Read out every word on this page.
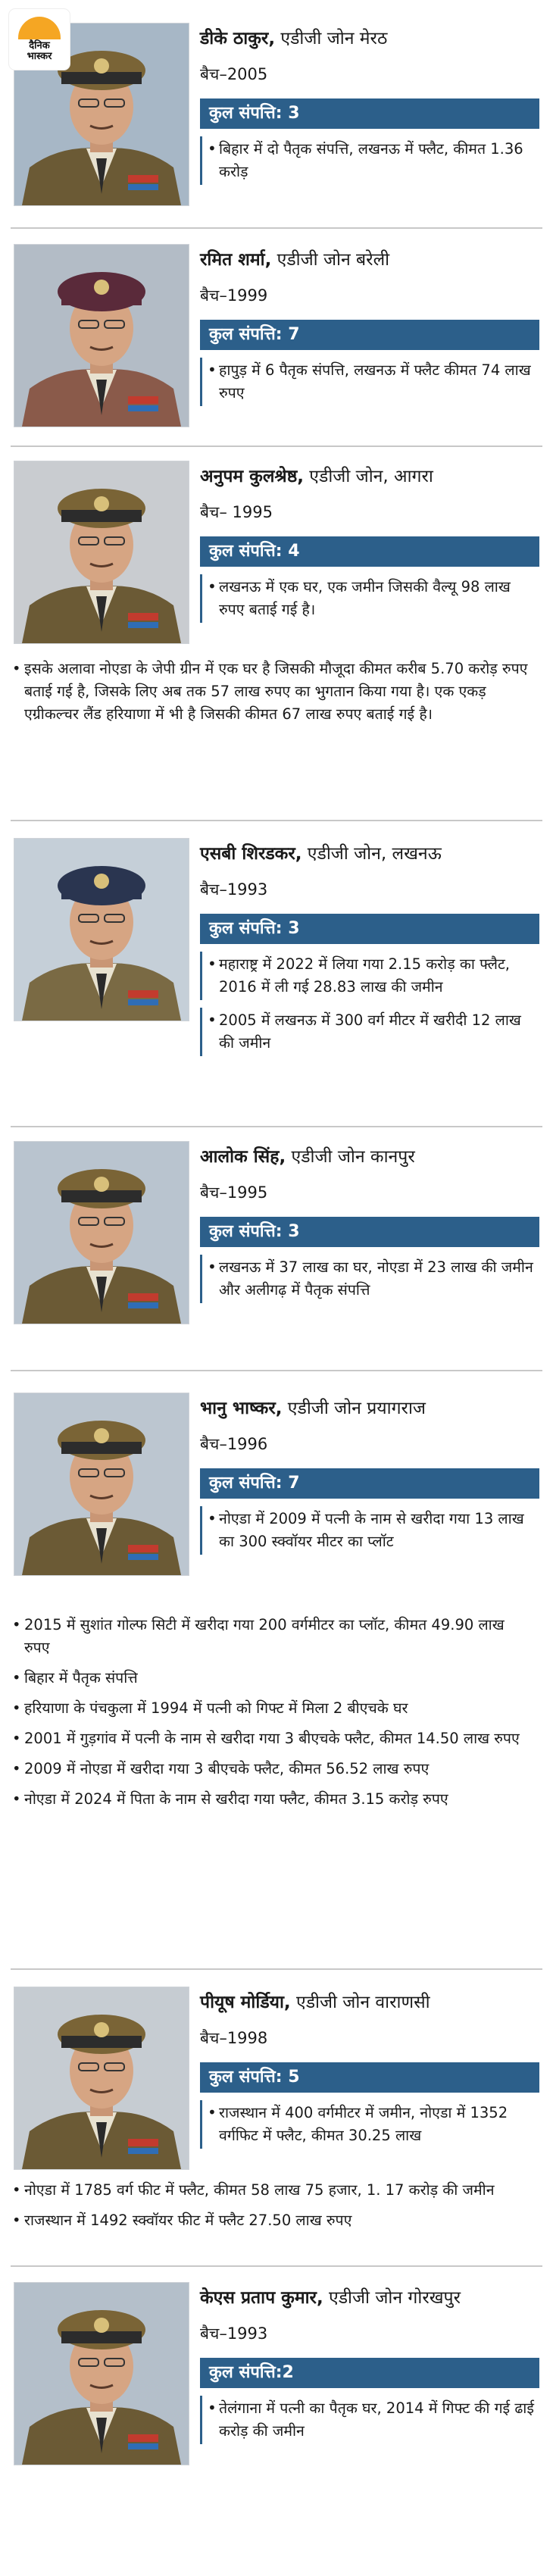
दैनिक
भास्कर
डीके ठाकुर, एडीजी जोन मेरठ
बैच–2005
कुल संपत्ति: 3
• बिहार में दो पैतृक संपत्ति, लखनऊ में फ्लैट, कीमत 1.36 करोड़
रमित शर्मा, एडीजी जोन बरेली
बैच–1999
कुल संपत्ति: 7
• हापुड़ में 6 पैतृक संपत्ति, लखनऊ में फ्लैट कीमत 74 लाख रुपए
अनुपम कुलश्रेष्ठ, एडीजी जोन, आगरा
बैच– 1995
कुल संपत्ति: 4
• लखनऊ में एक घर, एक जमीन जिसकी वैल्यू 98 लाख रुपए बताई गई है।
• इसके अलावा नोएडा के जेपी ग्रीन में एक घर है जिसकी मौजूदा कीमत करीब 5.70 करोड़ रुपए बताई गई है, जिसके लिए अब तक 57 लाख रुपए का भुगतान किया गया है। एक एकड़ एग्रीकल्चर लैंड हरियाणा में भी है जिसकी कीमत 67 लाख रुपए बताई गई है।
एसबी शिरडकर, एडीजी जोन, लखनऊ
बैच–1993
कुल संपत्ति: 3
• महाराष्ट्र में 2022 में लिया गया 2.15 करोड़ का फ्लैट, 2016 में ली गई 28.83 लाख की जमीन
• 2005 में लखनऊ में 300 वर्ग मीटर में खरीदी 12 लाख की जमीन
आलोक सिंह, एडीजी जोन कानपुर
बैच–1995
कुल संपत्ति: 3
• लखनऊ में 37 लाख का घर, नोएडा में 23 लाख की जमीन और अलीगढ़ में पैतृक संपत्ति
भानु भाष्कर, एडीजी जोन प्रयागराज
बैच–1996
कुल संपत्ति: 7
• नोएडा में 2009 में पत्नी के नाम से खरीदा गया 13 लाख का 300 स्क्वॉयर मीटर का प्लॉट
• 2015 में सुशांत गोल्फ सिटी में खरीदा गया 200 वर्गमीटर का प्लॉट, कीमत 49.90 लाख रुपए
• बिहार में पैतृक संपत्ति
• हरियाणा के पंचकुला में 1994 में पत्नी को गिफ्ट में मिला 2 बीएचके घर
• 2001 में गुड़गांव में पत्नी के नाम से खरीदा गया 3 बीएचके फ्लैट, कीमत 14.50 लाख रुपए
• 2009 में नोएडा में खरीदा गया 3 बीएचके फ्लैट, कीमत 56.52 लाख रुपए
• नोएडा में 2024 में पिता के नाम से खरीदा गया फ्लैट, कीमत 3.15 करोड़ रुपए
पीयूष मोर्डिया, एडीजी जोन वाराणसी
बैच–1998
कुल संपत्ति: 5
• राजस्थान में 400 वर्गमीटर में जमीन, नोएडा में 1352 वर्गफिट में फ्लैट, कीमत 30.25 लाख
• नोएडा में 1785 वर्ग फीट में फ्लैट, कीमत 58 लाख 75 हजार, 1. 17 करोड़ की जमीन
• राजस्थान में 1492 स्क्वॉयर फीट में फ्लैट 27.50 लाख रुपए
केएस प्रताप कुमार, एडीजी जोन गोरखपुर
बैच–1993
कुल संपत्ति:2
• तेलंगाना में पत्नी का पैतृक घर, 2014 में गिफ्ट की गई ढाई करोड़ की जमीन
